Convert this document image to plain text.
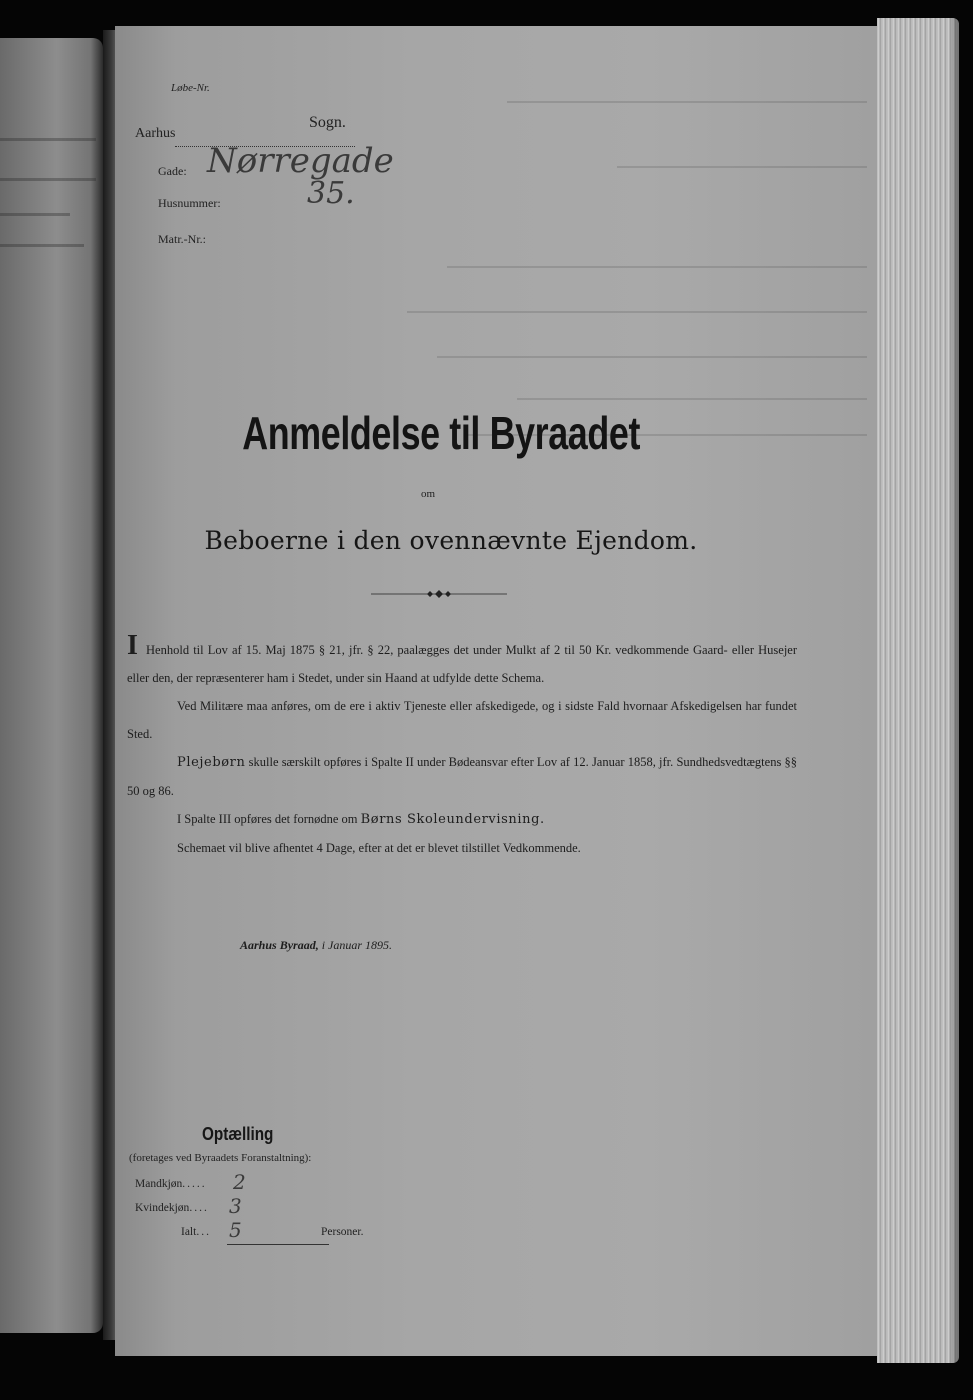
Løbe-Nr.
Aarhus
Sogn.
Gade: Nørregade
Husnummer:	35.
Matr.-Nr.:
Anmeldelse til Byraadet
om
Beboerne i den ovennævnte Ejendom.

I Henhold til Lov af 15. Maj 1875 § 21, jfr. § 22, paalægges det under Mulkt af 2 til 50 Kr. vedkommende Gaard- eller Husejer eller den, der repræsenterer ham i Stedet, under sin Haand at udfylde dette Schema.

Ved Militære maa anføres, om de ere i aktiv Tjeneste eller afskedigede, og i sidste Fald hvornaar Afskedigelsen har fundet Sted.

Plejebørn skulle særskilt opføres i Spalte II under Bødeansvar efter Lov af 12. Januar 1858, jfr. Sundhedsvedtægtens §§ 50 og 86.

I Spalte III opføres det fornødne om Børns Skoleundervisning.

Schemaet vil blive afhentet 4 Dage, efter at det er blevet tilstillet Vedkommende.

Aarhus Byraad, i Januar 1895.
Optælling
(foretages ved Byraadets Foranstaltning):
Mandkjøn..... 2
Kvindekjøn.... 3
Ialt... 5	Personer.
